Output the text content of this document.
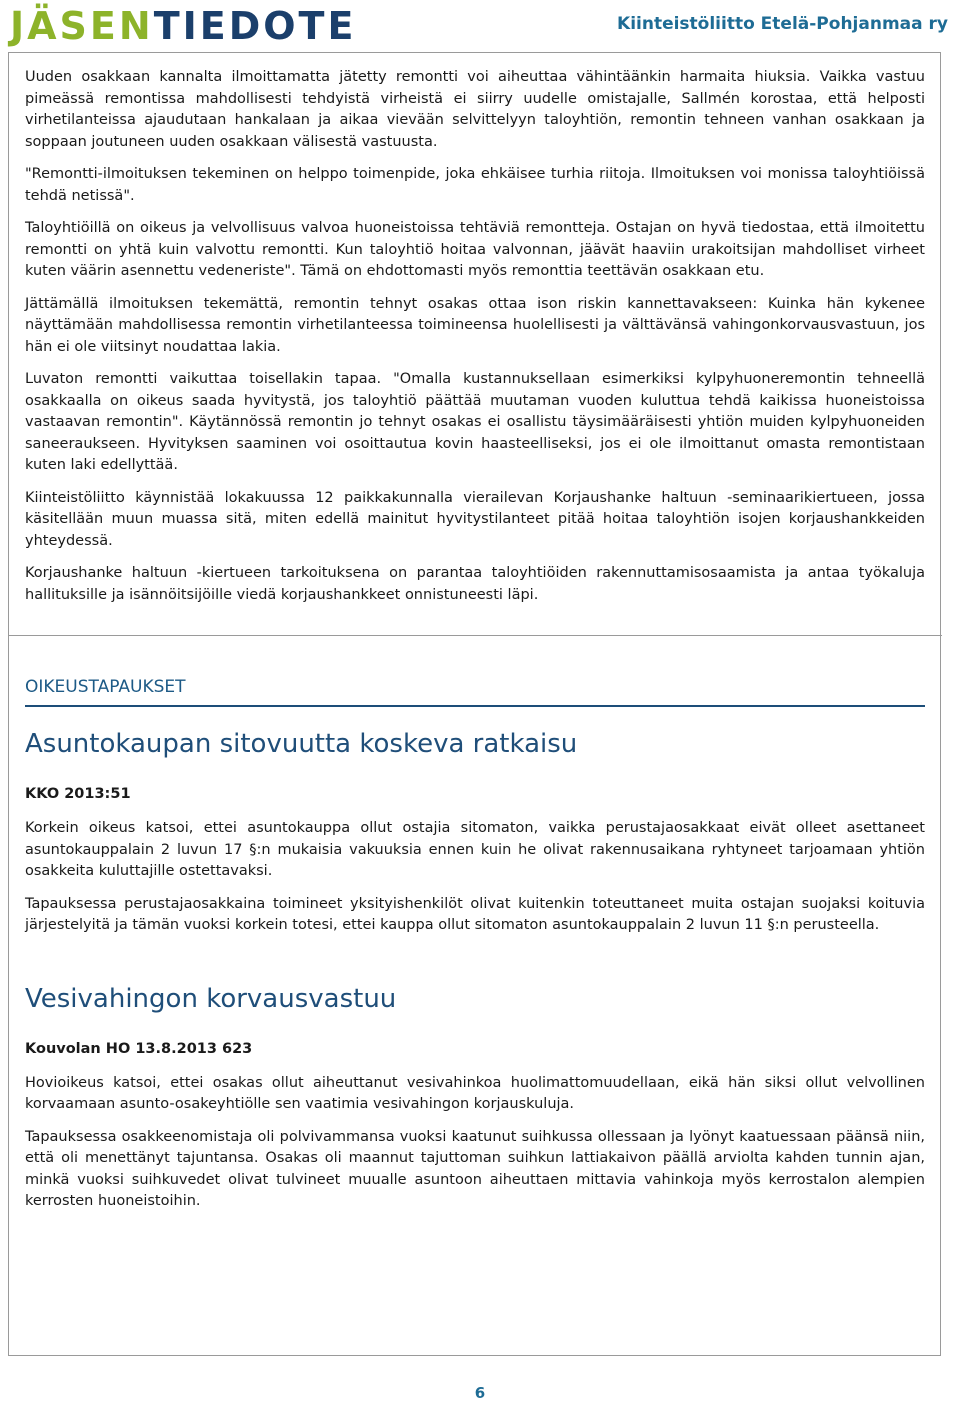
JÄSENTIEDOTE	Kiinteistöliitto Etelä-Pohjanmaa ry

Uuden osakkaan kannalta ilmoittamatta jätetty remontti voi aiheuttaa vähintäänkin harmaita hiuksia. Vaikka vastuu pimeässä remontissa mahdollisesti tehdyistä virheistä ei siirry uudelle omistajalle, Sallmén korostaa, että helposti virhetilanteissa ajaudutaan hankalaan ja aikaa vievään selvittelyyn taloyhtiön, remontin tehneen vanhan osakkaan ja soppaan joutuneen uuden osakkaan välisestä vastuusta.

"Remontti-ilmoituksen tekeminen on helppo toimenpide, joka ehkäisee turhia riitoja. Ilmoituksen voi monissa taloyhtiöissä tehdä netissä".

Taloyhtiöillä on oikeus ja velvollisuus valvoa huoneistoissa tehtäviä remontteja. Ostajan on hyvä tiedostaa, että ilmoitettu remontti on yhtä kuin valvottu remontti. Kun taloyhtiö hoitaa valvonnan, jäävät haaviin urakoitsijan mahdolliset virheet kuten väärin asennettu vedeneriste". Tämä on ehdottomasti myös remonttia teettävän osakkaan etu.

Jättämällä ilmoituksen tekemättä, remontin tehnyt osakas ottaa ison riskin kannettavakseen: Kuinka hän kykenee näyttämään mahdollisessa remontin virhetilanteessa toimineensa huolellisesti ja välttävänsä vahingonkorvausvastuun, jos hän ei ole viitsinyt noudattaa lakia.

Luvaton remontti vaikuttaa toisellakin tapaa. "Omalla kustannuksellaan esimerkiksi kylpyhuoneremontin tehneellä osakkaalla on oikeus saada hyvitystä, jos taloyhtiö päättää muutaman vuoden kuluttua tehdä kaikissa huoneistoissa vastaavan remontin". Käytännössä remontin jo tehnyt osakas ei osallistu täysimääräisesti yhtiön muiden kylpyhuoneiden saneeraukseen. Hyvityksen saaminen voi osoittautua kovin haasteelliseksi, jos ei ole ilmoittanut omasta remontistaan kuten laki edellyttää.

Kiinteistöliitto käynnistää lokakuussa 12 paikkakunnalla vierailevan Korjaushanke haltuun -seminaarikiertueen, jossa käsitellään muun muassa sitä, miten edellä mainitut hyvitystilanteet pitää hoitaa taloyhtiön isojen korjaushankkeiden yhteydessä.

Korjaushanke haltuun -kiertueen tarkoituksena on parantaa taloyhtiöiden rakennuttamisosaamista ja antaa työkaluja hallituksille ja isännöitsijöille viedä korjaushankkeet onnistuneesti läpi.

OIKEUSTAPAUKSET
Asuntokaupan sitovuutta koskeva ratkaisu
KKO 2013:51

Korkein oikeus katsoi, ettei asuntokauppa ollut ostajia sitomaton, vaikka perustajaosakkaat eivät olleet asettaneet asuntokauppalain 2 luvun 17 §:n mukaisia vakuuksia ennen kuin he olivat rakennusaikana ryhtyneet tarjoamaan yhtiön osakkeita kuluttajille ostettavaksi.

Tapauksessa perustajaosakkaina toimineet yksityishenkilöt olivat kuitenkin toteuttaneet muita ostajan suojaksi koituvia järjestelyitä ja tämän vuoksi korkein totesi, ettei kauppa ollut sitomaton asuntokauppalain 2 luvun 11 §:n perusteella.

Vesivahingon korvausvastuu
Kouvolan HO 13.8.2013 623

Hovioikeus katsoi, ettei osakas ollut aiheuttanut vesivahinkoa huolimattomuudellaan, eikä hän siksi ollut velvollinen korvaamaan asunto-osakeyhtiölle sen vaatimia vesivahingon korjauskuluja.

Tapauksessa osakkeenomistaja oli polvivammansa vuoksi kaatunut suihkussa ollessaan ja lyönyt kaatuessaan päänsä niin, että oli menettänyt tajuntansa. Osakas oli maannut tajuttoman suihkun lattiakaivon päällä arviolta kahden tunnin ajan, minkä vuoksi suihkuvedet olivat tulvineet muualle asuntoon aiheuttaen mittavia vahinkoja myös kerrostalon alempien kerrosten huoneistoihin.

6
